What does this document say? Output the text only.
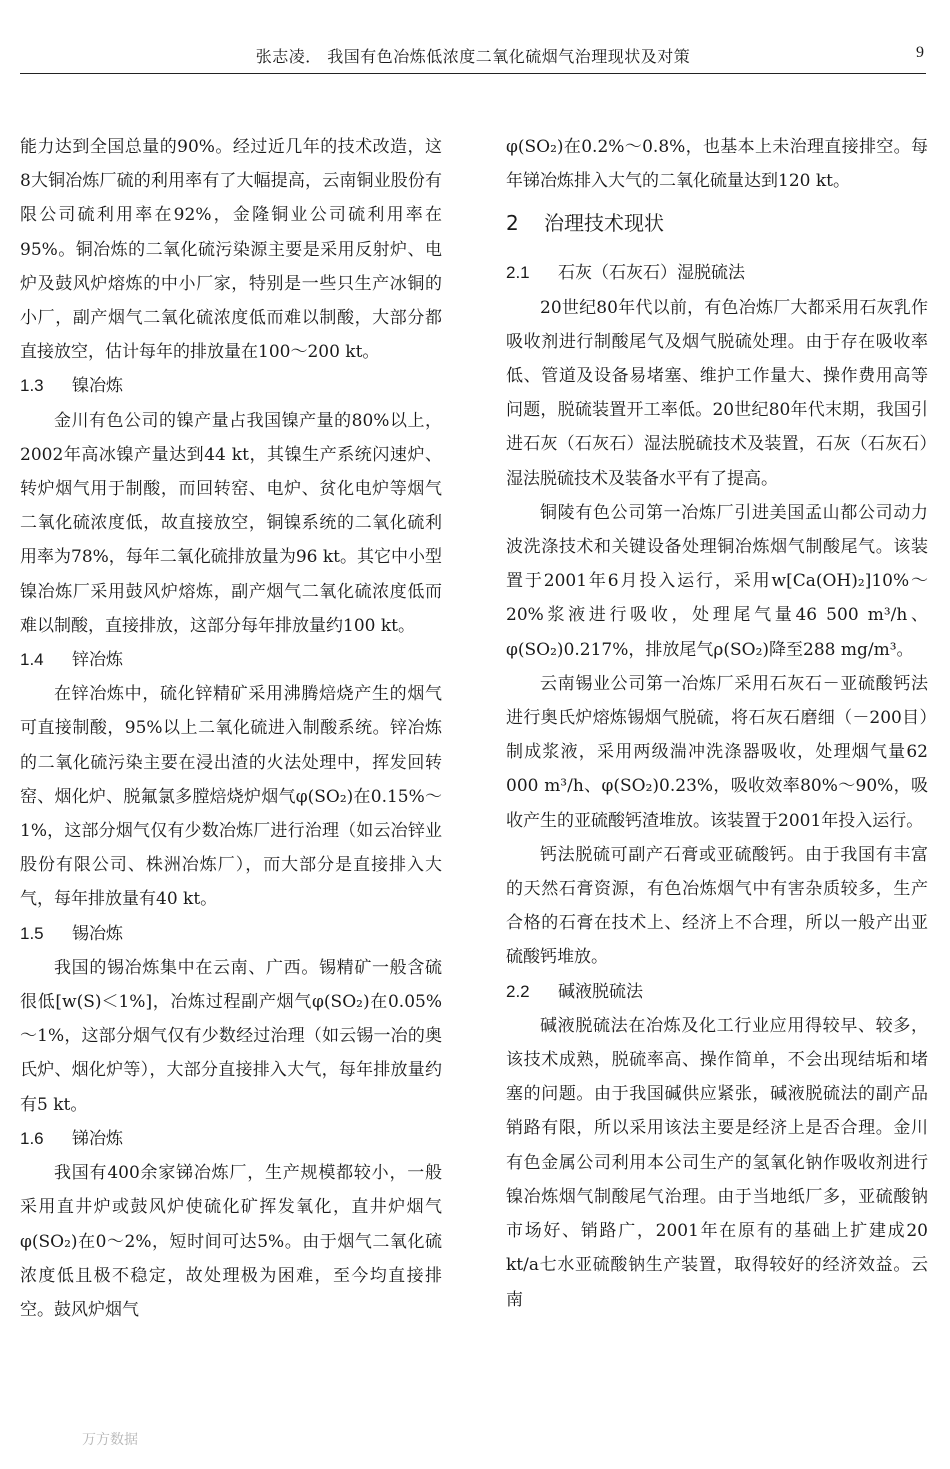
张志凌． 我国有色冶炼低浓度二氧化硫烟气治理现状及对策	9

能力达到全国总量的90%。经过近几年的技术改造，这8大铜冶炼厂硫的利用率有了大幅提高，云南铜业股份有限公司硫利用率在92%，金隆铜业公司硫利用率在95%。铜冶炼的二氧化硫污染源主要是采用反射炉、电炉及鼓风炉熔炼的中小厂家，特别是一些只生产冰铜的小厂，副产烟气二氧化硫浓度低而难以制酸，大部分都直接放空，估计每年的排放量在100～200 kt。

1.3 镍冶炼

金川有色公司的镍产量占我国镍产量的80%以上，2002年高冰镍产量达到44 kt，其镍生产系统闪速炉、转炉烟气用于制酸，而回转窑、电炉、贫化电炉等烟气二氧化硫浓度低，故直接放空，铜镍系统的二氧化硫利用率为78%，每年二氧化硫排放量为96 kt。其它中小型镍冶炼厂采用鼓风炉熔炼，副产烟气二氧化硫浓度低而难以制酸，直接排放，这部分每年排放量约100 kt。

1.4 锌冶炼

在锌冶炼中，硫化锌精矿采用沸腾焙烧产生的烟气可直接制酸，95%以上二氧化硫进入制酸系统。锌冶炼的二氧化硫污染主要在浸出渣的火法处理中，挥发回转窑、烟化炉、脱氟氯多膛焙烧炉烟气φ(SO₂)在0.15%～1%，这部分烟气仅有少数冶炼厂进行治理（如云冶锌业股份有限公司、株洲冶炼厂），而大部分是直接排入大气，每年排放量有40 kt。

1.5 锡冶炼

我国的锡冶炼集中在云南、广西。锡精矿一般含硫很低[w(S)＜1%]，冶炼过程副产烟气φ(SO₂)在0.05%～1%，这部分烟气仅有少数经过治理（如云锡一冶的奥氏炉、烟化炉等），大部分直接排入大气，每年排放量约有5 kt。

1.6 锑冶炼

我国有400余家锑冶炼厂，生产规模都较小，一般采用直井炉或鼓风炉使硫化矿挥发氧化，直井炉烟气φ(SO₂)在0～2%，短时间可达5%。由于烟气二氧化硫浓度低且极不稳定，故处理极为困难，至今均直接排空。鼓风炉烟气

φ(SO₂)在0.2%～0.8%，也基本上未治理直接排空。每年锑冶炼排入大气的二氧化硫量达到120 kt。

2 治理技术现状
2.1 石灰（石灰石）湿脱硫法

20世纪80年代以前，有色冶炼厂大都采用石灰乳作吸收剂进行制酸尾气及烟气脱硫处理。由于存在吸收率低、管道及设备易堵塞、维护工作量大、操作费用高等问题，脱硫装置开工率低。20世纪80年代末期，我国引进石灰（石灰石）湿法脱硫技术及装置，石灰（石灰石）湿法脱硫技术及装备水平有了提高。

铜陵有色公司第一冶炼厂引进美国孟山都公司动力波洗涤技术和关键设备处理铜冶炼烟气制酸尾气。该装置于2001年6月投入运行，采用w[Ca(OH)₂]10%～20%浆液进行吸收，处理尾气量46 500 m³/h、φ(SO₂)0.217%，排放尾气ρ(SO₂)降至288 mg/m³。

云南锡业公司第一冶炼厂采用石灰石－亚硫酸钙法进行奥氏炉熔炼锡烟气脱硫，将石灰石磨细（－200目）制成浆液，采用两级湍冲洗涤器吸收，处理烟气量62 000 m³/h、φ(SO₂)0.23%，吸收效率80%～90%，吸收产生的亚硫酸钙渣堆放。该装置于2001年投入运行。

钙法脱硫可副产石膏或亚硫酸钙。由于我国有丰富的天然石膏资源，有色冶炼烟气中有害杂质较多，生产合格的石膏在技术上、经济上不合理，所以一般产出亚硫酸钙堆放。

2.2 碱液脱硫法

碱液脱硫法在冶炼及化工行业应用得较早、较多，该技术成熟，脱硫率高、操作简单，不会出现结垢和堵塞的问题。由于我国碱供应紧张，碱液脱硫法的副产品销路有限，所以采用该法主要是经济上是否合理。金川有色金属公司利用本公司生产的氢氧化钠作吸收剂进行镍冶炼烟气制酸尾气治理。由于当地纸厂多，亚硫酸钠市场好、销路广，2001年在原有的基础上扩建成20 kt/a七水亚硫酸钠生产装置，取得较好的经济效益。云南

万方数据
